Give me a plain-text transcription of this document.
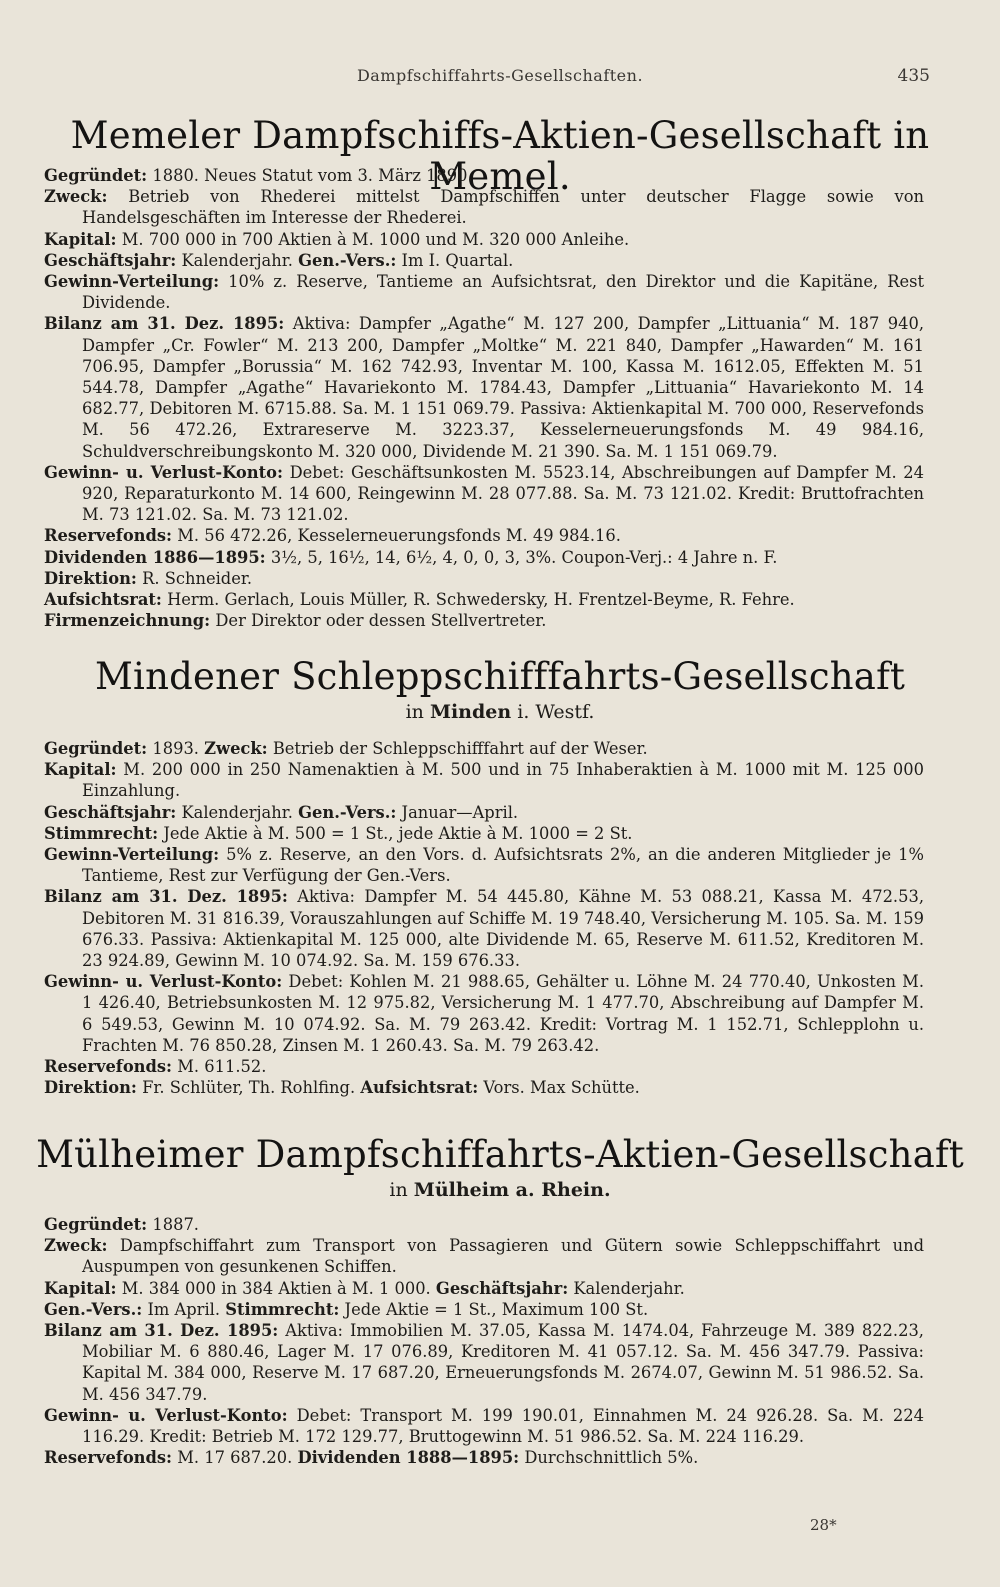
Dampfschiffahrts-Gesellschaften.	435
Memeler Dampfschiffs-Aktien-Gesellschaft in Memel.

Gegründet: 1880. Neues Statut vom 3. März 1890.

Zweck: Betrieb von Rhederei mittelst Dampfschiffen unter deutscher Flagge sowie von Handelsgeschäften im Interesse der Rhederei.

Kapital: M. 700 000 in 700 Aktien à M. 1000 und M. 320 000 Anleihe.

Geschäftsjahr: Kalenderjahr. Gen.-Vers.: Im I. Quartal.

Gewinn-Verteilung: 10% z. Reserve, Tantieme an Aufsichtsrat, den Direktor und die Kapitäne, Rest Dividende.

Bilanz am 31. Dez. 1895: Aktiva: Dampfer „Agathe“ M. 127 200, Dampfer „Littuania“ M. 187 940, Dampfer „Cr. Fowler“ M. 213 200, Dampfer „Moltke“ M. 221 840, Dampfer „Hawarden“ M. 161 706.95, Dampfer „Borussia“ M. 162 742.93, Inventar M. 100, Kassa M. 1612.05, Effekten M. 51 544.78, Dampfer „Agathe“ Havariekonto M. 1784.43, Dampfer „Littuania“ Havariekonto M. 14 682.77, Debitoren M. 6715.88. Sa. M. 1 151 069.79. Passiva: Aktienkapital M. 700 000, Reservefonds M. 56 472.26, Extrareserve M. 3223.37, Kesselerneuerungsfonds M. 49 984.16, Schuldverschreibungskonto M. 320 000, Dividende M. 21 390. Sa. M. 1 151 069.79.

Gewinn- u. Verlust-Konto: Debet: Geschäftsunkosten M. 5523.14, Abschreibungen auf Dampfer M. 24 920, Reparaturkonto M. 14 600, Reingewinn M. 28 077.88. Sa. M. 73 121.02. Kredit: Bruttofrachten M. 73 121.02. Sa. M. 73 121.02.

Reservefonds: M. 56 472.26, Kesselerneuerungsfonds M. 49 984.16.

Dividenden 1886—1895: 3½, 5, 16½, 14, 6½, 4, 0, 0, 3, 3%. Coupon-Verj.: 4 Jahre n. F.

Direktion: R. Schneider.

Aufsichtsrat: Herm. Gerlach, Louis Müller, R. Schwedersky, H. Frentzel-Beyme, R. Fehre.

Firmenzeichnung: Der Direktor oder dessen Stellvertreter.

Mindener Schleppschifffahrts-Gesellschaft
in Minden i. Westf.

Gegründet: 1893. Zweck: Betrieb der Schleppschifffahrt auf der Weser.

Kapital: M. 200 000 in 250 Namenaktien à M. 500 und in 75 Inhaberaktien à M. 1000 mit M. 125 000 Einzahlung.

Geschäftsjahr: Kalenderjahr. Gen.-Vers.: Januar—April.

Stimmrecht: Jede Aktie à M. 500 = 1 St., jede Aktie à M. 1000 = 2 St.

Gewinn-Verteilung: 5% z. Reserve, an den Vors. d. Aufsichtsrats 2%, an die anderen Mitglieder je 1% Tantieme, Rest zur Verfügung der Gen.-Vers.

Bilanz am 31. Dez. 1895: Aktiva: Dampfer M. 54 445.80, Kähne M. 53 088.21, Kassa M. 472.53, Debitoren M. 31 816.39, Vorauszahlungen auf Schiffe M. 19 748.40, Versicherung M. 105. Sa. M. 159 676.33. Passiva: Aktienkapital M. 125 000, alte Dividende M. 65, Reserve M. 611.52, Kreditoren M. 23 924.89, Gewinn M. 10 074.92. Sa. M. 159 676.33.

Gewinn- u. Verlust-Konto: Debet: Kohlen M. 21 988.65, Gehälter u. Löhne M. 24 770.40, Unkosten M. 1 426.40, Betriebsunkosten M. 12 975.82, Versicherung M. 1 477.70, Abschreibung auf Dampfer M. 6 549.53, Gewinn M. 10 074.92. Sa. M. 79 263.42. Kredit: Vortrag M. 1 152.71, Schlepplohn u. Frachten M. 76 850.28, Zinsen M. 1 260.43. Sa. M. 79 263.42.

Reservefonds: M. 611.52.

Direktion: Fr. Schlüter, Th. Rohlfing. Aufsichtsrat: Vors. Max Schütte.

Mülheimer Dampfschiffahrts-Aktien-Gesellschaft
in Mülheim a. Rhein.

Gegründet: 1887.

Zweck: Dampfschiffahrt zum Transport von Passagieren und Gütern sowie Schleppschiffahrt und Auspumpen von gesunkenen Schiffen.

Kapital: M. 384 000 in 384 Aktien à M. 1 000. Geschäftsjahr: Kalenderjahr.

Gen.-Vers.: Im April. Stimmrecht: Jede Aktie = 1 St., Maximum 100 St.

Bilanz am 31. Dez. 1895: Aktiva: Immobilien M. 37.05, Kassa M. 1474.04, Fahrzeuge M. 389 822.23, Mobiliar M. 6 880.46, Lager M. 17 076.89, Kreditoren M. 41 057.12. Sa. M. 456 347.79. Passiva: Kapital M. 384 000, Reserve M. 17 687.20, Erneuerungsfonds M. 2674.07, Gewinn M. 51 986.52. Sa. M. 456 347.79.

Gewinn- u. Verlust-Konto: Debet: Transport M. 199 190.01, Einnahmen M. 24 926.28. Sa. M. 224 116.29. Kredit: Betrieb M. 172 129.77, Bruttogewinn M. 51 986.52. Sa. M. 224 116.29.

Reservefonds: M. 17 687.20. Dividenden 1888—1895: Durchschnittlich 5%.

28*
